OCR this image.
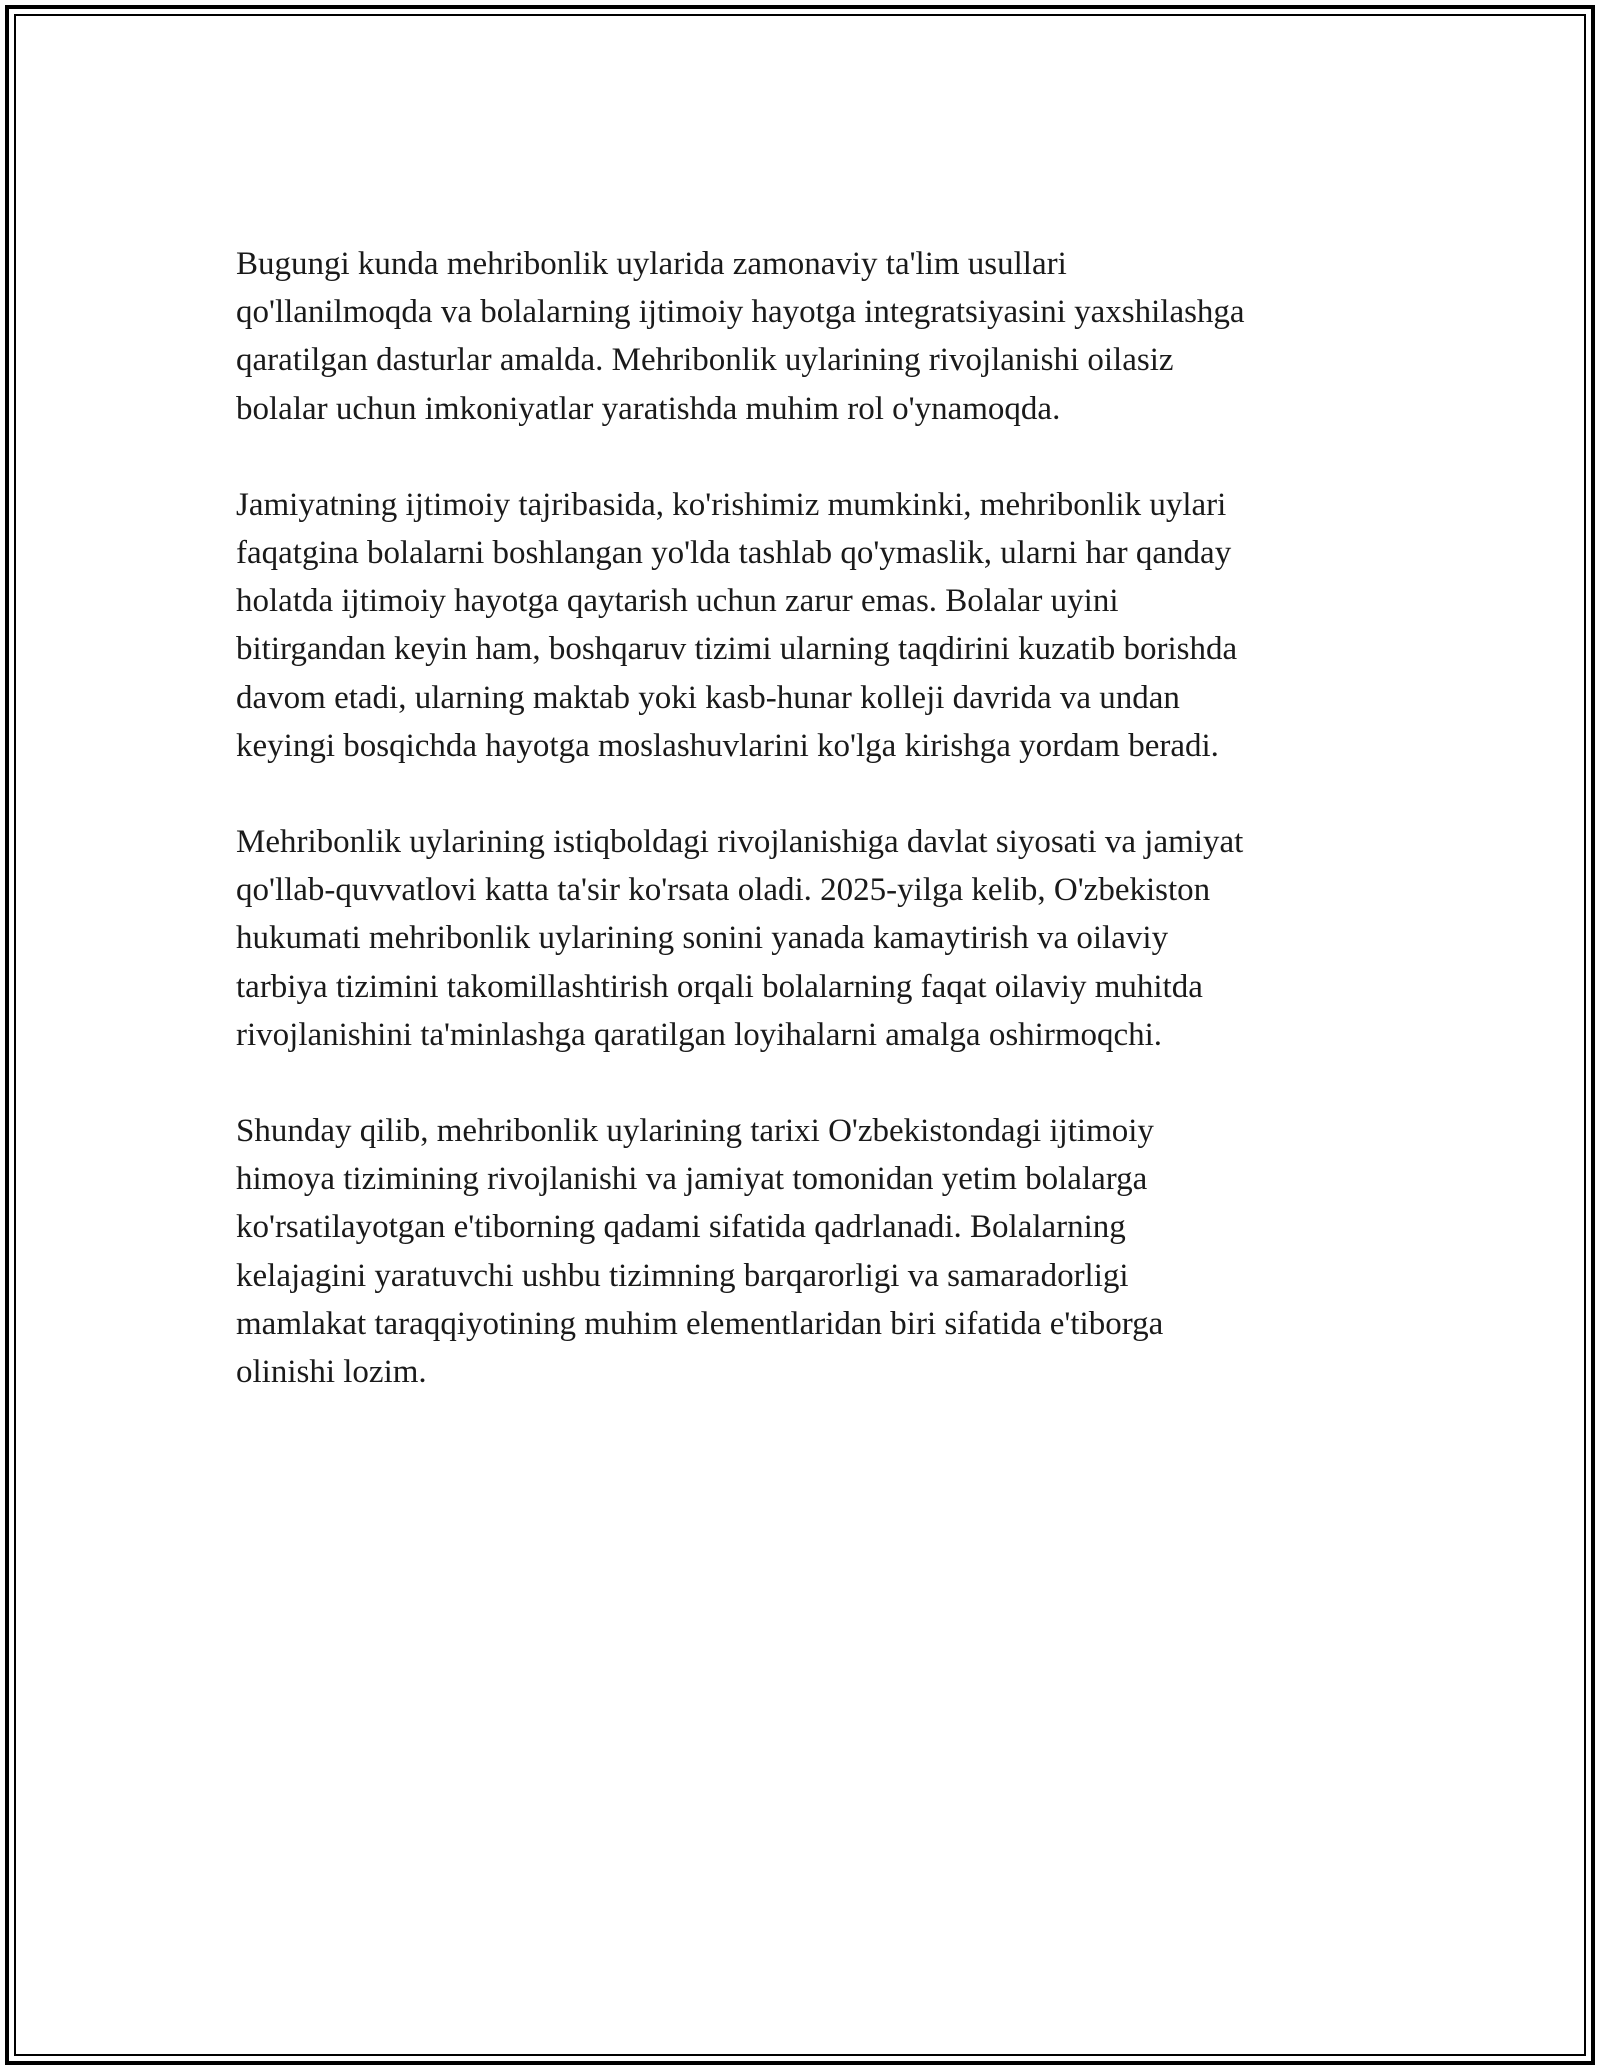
Bugungi kunda mehribonlik uylarida zamonaviy ta'lim usullari
qo'llanilmoqda va bolalarning ijtimoiy hayotga integratsiyasini yaxshilashga
qaratilgan dasturlar amalda. Mehribonlik uylarining rivojlanishi oilasiz
bolalar uchun imkoniyatlar yaratishda muhim rol o'ynamoqda.

Jamiyatning ijtimoiy tajribasida, ko'rishimiz mumkinki, mehribonlik uylari
faqatgina bolalarni boshlangan yo'lda tashlab qo'ymaslik, ularni har qanday
holatda ijtimoiy hayotga qaytarish uchun zarur emas. Bolalar uyini
bitirgandan keyin ham, boshqaruv tizimi ularning taqdirini kuzatib borishda
davom etadi, ularning maktab yoki kasb-hunar kolleji davrida va undan
keyingi bosqichda hayotga moslashuvlarini ko'lga kirishga yordam beradi.

Mehribonlik uylarining istiqboldagi rivojlanishiga davlat siyosati va jamiyat
qo'llab-quvvatlovi katta ta'sir ko'rsata oladi. 2025-yilga kelib, O'zbekiston
hukumati mehribonlik uylarining sonini yanada kamaytirish va oilaviy
tarbiya tizimini takomillashtirish orqali bolalarning faqat oilaviy muhitda
rivojlanishini ta'minlashga qaratilgan loyihalarni amalga oshirmoqchi.

Shunday qilib, mehribonlik uylarining tarixi O'zbekistondagi ijtimoiy
himoya tizimining rivojlanishi va jamiyat tomonidan yetim bolalarga
ko'rsatilayotgan e'tiborning qadami sifatida qadrlanadi. Bolalarning
kelajagini yaratuvchi ushbu tizimning barqarorligi va samaradorligi
mamlakat taraqqiyotining muhim elementlaridan biri sifatida e'tiborga
olinishi lozim.
